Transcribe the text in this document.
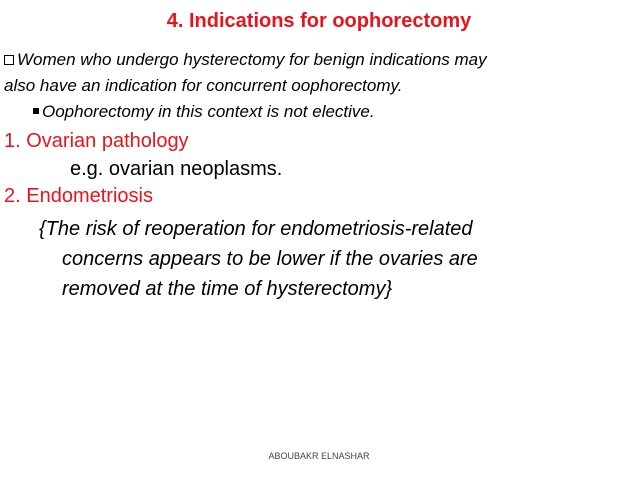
4. Indications for oophorectomy
Women who undergo hysterectomy for benign indications may
also have an indication for concurrent oophorectomy.
Oophorectomy in this context is not elective.
1. Ovarian pathology
e.g. ovarian neoplasms.
2. Endometriosis
{The risk of reoperation for endometriosis-related
concerns appears to be lower if the ovaries are
removed at the time of hysterectomy}
ABOUBAKR ELNASHAR
